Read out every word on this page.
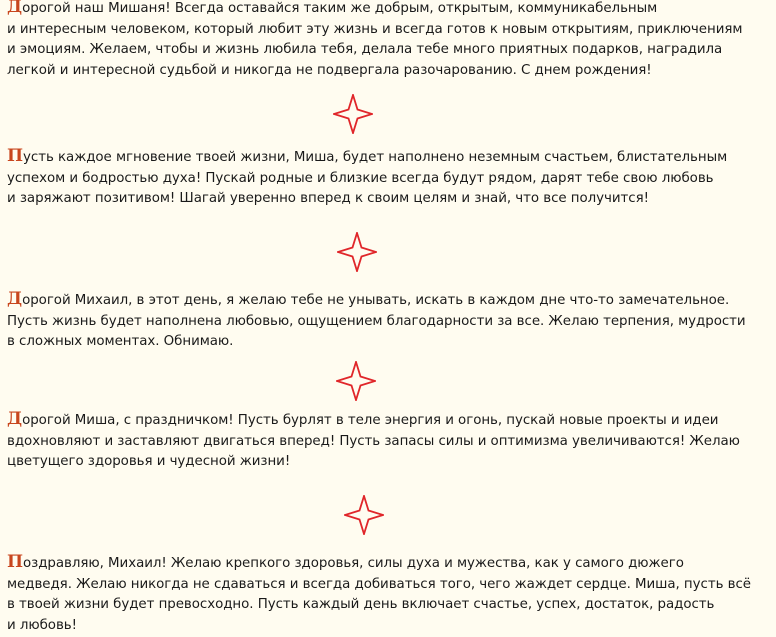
Дорогой наш Мишаня! Всегда оставайся таким же добрым, открытым, коммуникабельным
и интересным человеком, который любит эту жизнь и всегда готов к новым открытиям, приключениям
и эмоциям. Желаем, чтобы и жизнь любила тебя, делала тебе много приятных подарков, наградила
легкой и интересной судьбой и никогда не подвергала разочарованию. С днем рождения!
Пусть каждое мгновение твоей жизни, Миша, будет наполнено неземным счастьем, блистательным
успехом и бодростью духа! Пускай родные и близкие всегда будут рядом, дарят тебе свою любовь
и заряжают позитивом! Шагай уверенно вперед к своим целям и знай, что все получится!
Дорогой Михаил, в этот день, я желаю тебе не унывать, искать в каждом дне что-то замечательное.
Пусть жизнь будет наполнена любовью, ощущением благодарности за все. Желаю терпения, мудрости
в сложных моментах. Обнимаю.
Дорогой Миша, с праздничком! Пусть бурлят в теле энергия и огонь, пускай новые проекты и идеи
вдохновляют и заставляют двигаться вперед! Пусть запасы силы и оптимизма увеличиваются! Желаю
цветущего здоровья и чудесной жизни!
Поздравляю, Михаил! Желаю крепкого здоровья, силы духа и мужества, как у самого дюжего
медведя. Желаю никогда не сдаваться и всегда добиваться того, чего жаждет сердце. Миша, пусть всё
в твоей жизни будет превосходно. Пусть каждый день включает счастье, успех, достаток, радость
и любовь!
